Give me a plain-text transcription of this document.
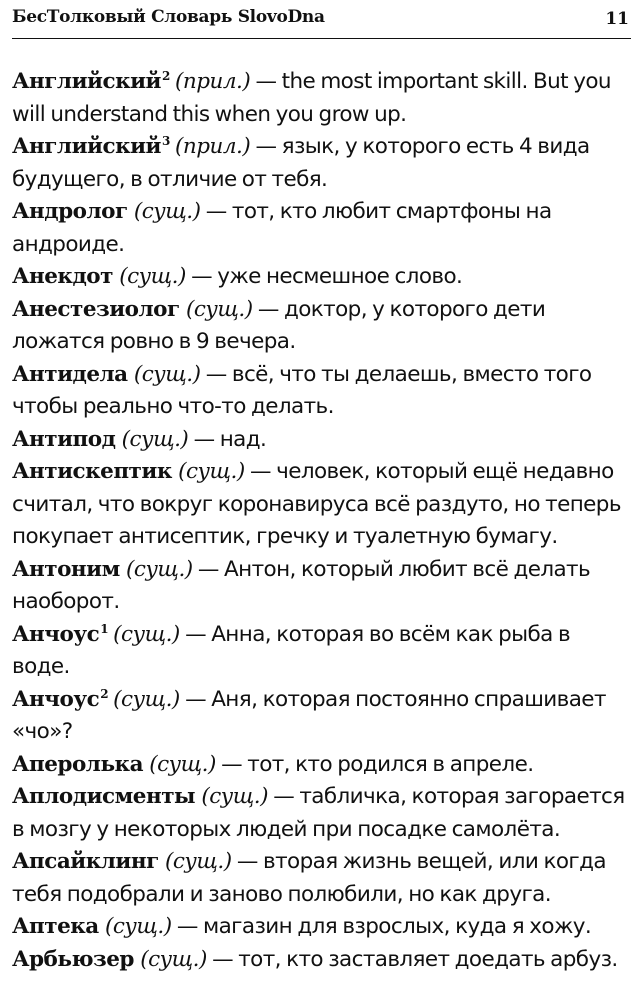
БесТолковый Словарь SlovoDna	11

Английский$^2$ (прил.) — the most important skill. But you will understand this when you grow up.

Английский$^3$ (прил.) — язык, у которого есть 4 вида будущего, в отличие от тебя.

Андролог (сущ.) — тот, кто любит смартфоны на андроиде.

Анекдот (сущ.) — уже несмешное слово.

Анестезиолог (сущ.) — доктор, у которого дети ложатся ровно в 9 вечера.

Антидела (сущ.) — всё, что ты делаешь, вместо того чтобы реально что-то делать.

Антипод (сущ.) — над.

Антискептик (сущ.) — человек, который ещё недавно считал, что вокруг коронавируса всё раздуто, но теперь покупает антисептик, гречку и туалетную бумагу.

Антоним (сущ.) — Антон, который любит всё делать наоборот.

Анчоус$^1$ (сущ.) — Анна, которая во всём как рыба в воде.

Анчоус$^2$ (сущ.) — Аня, которая постоянно спрашивает «чо»?

Аперолька (сущ.) — тот, кто родился в апреле.

Аплодисменты (сущ.) — табличка, которая загорается в мозгу у некоторых людей при посадке самолёта.

Апсайклинг (сущ.) — вторая жизнь вещей, или когда тебя подобрали и заново полюбили, но как друга.

Аптека (сущ.) — магазин для взрослых, куда я хожу.

Арбьюзер (сущ.) — тот, кто заставляет доедать арбуз.
